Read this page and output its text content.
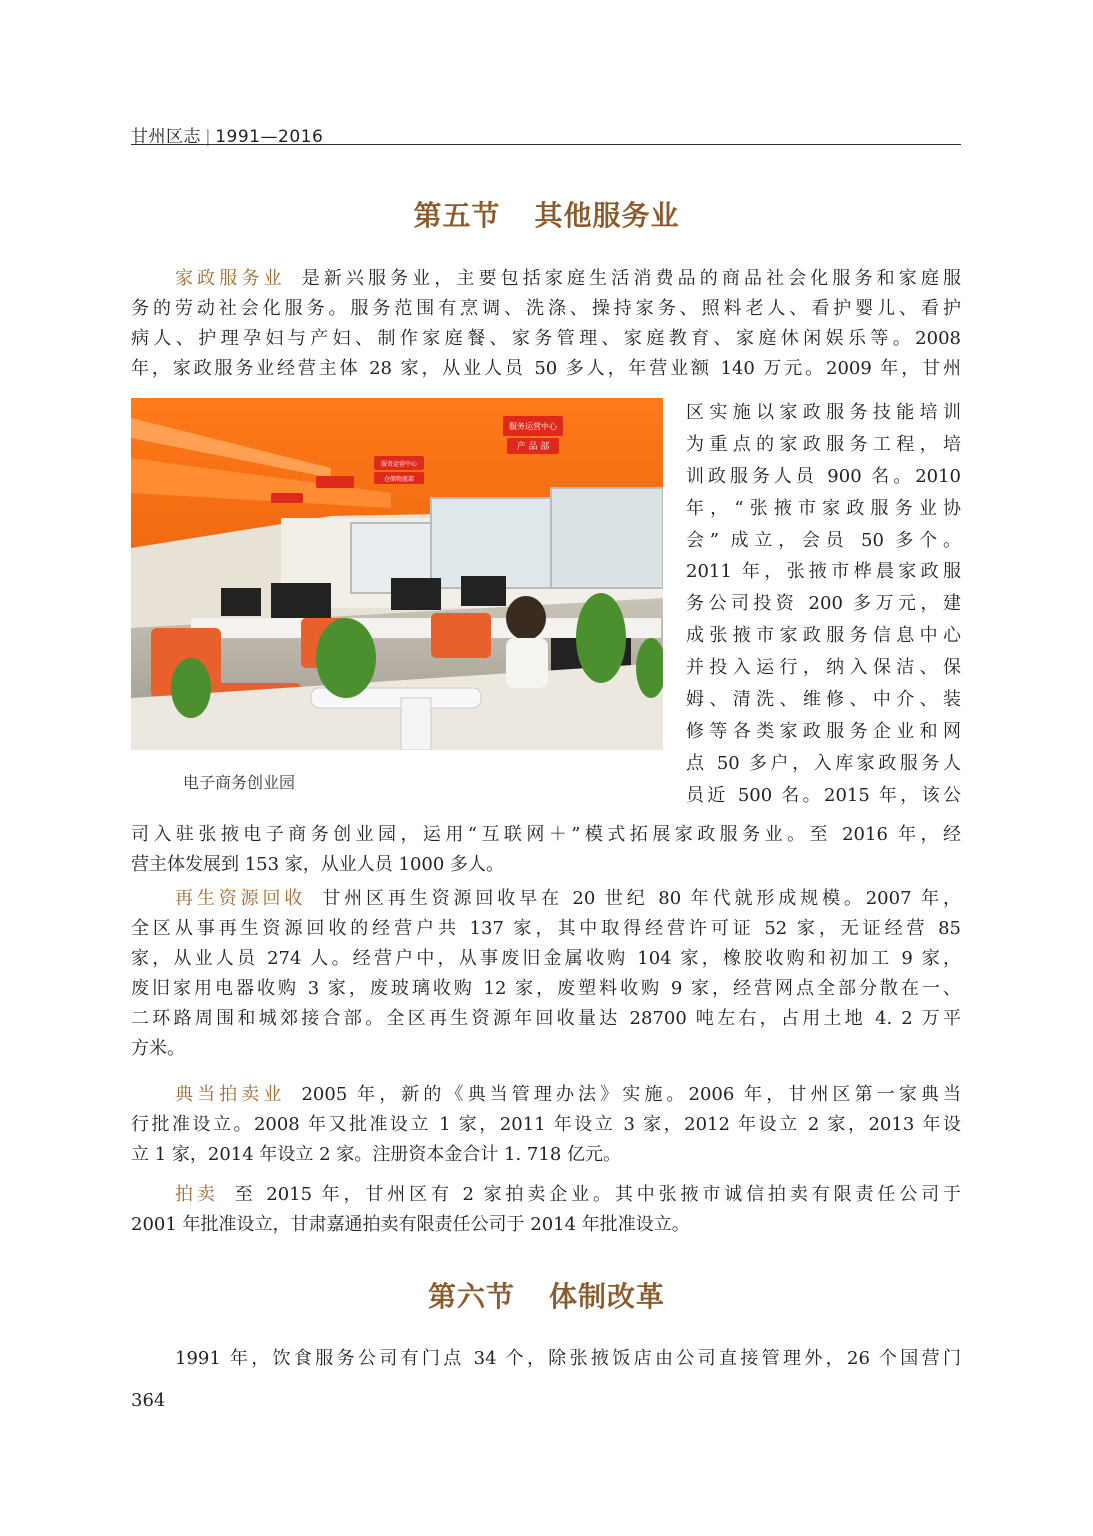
甘州区志 | 1991—2016
第五节 其他服务业
家政服务业 是新兴服务业，主要包括家庭生活消费品的商品社会化服务和家庭服
务的劳动社会化服务。服务范围有烹调、洗涤、操持家务、照料老人、看护婴儿、看护
病人、护理孕妇与产妇、制作家庭餐、家务管理、家庭教育、家庭休闲娱乐等。2008
年，家政服务业经营主体 28 家，从业人员 50 多人，年营业额 140 万元。2009 年，甘州
服务运营中心
产 品 部
服务运营中心
仓储物流部
电子商务创业园
区实施以家政服务技能培训
为重点的家政服务工程，培
训政服务人员 900 名。2010
年，“张掖市家政服务业协
会” 成立，会员 50 多个。
2011 年，张掖市桦晨家政服
务公司投资 200 多万元，建
成张掖市家政服务信息中心
并投入运行，纳入保洁、保
姆、清洗、维修、中介、装
修等各类家政服务企业和网
点 50 多户，入库家政服务人
员近 500 名。2015 年，该公
司入驻张掖电子商务创业园，运用“互联网＋”模式拓展家政服务业。至 2016 年，经
营主体发展到 153 家，从业人员 1000 多人。
再生资源回收 甘州区再生资源回收早在 20 世纪 80 年代就形成规模。2007 年，
全区从事再生资源回收的经营户共 137 家，其中取得经营许可证 52 家，无证经营 85
家，从业人员 274 人。经营户中，从事废旧金属收购 104 家，橡胶收购和初加工 9 家，
废旧家用电器收购 3 家，废玻璃收购 12 家，废塑料收购 9 家，经营网点全部分散在一、
二环路周围和城郊接合部。全区再生资源年回收量达 28700 吨左右，占用土地 4. 2 万平
方米。
典当拍卖业 2005 年，新的《典当管理办法》实施。2006 年，甘州区第一家典当
行批准设立。2008 年又批准设立 1 家，2011 年设立 3 家，2012 年设立 2 家，2013 年设
立 1 家，2014 年设立 2 家。注册资本金合计 1. 718 亿元。
拍卖 至 2015 年，甘州区有 2 家拍卖企业。其中张掖市诚信拍卖有限责任公司于
2001 年批准设立，甘肃嘉通拍卖有限责任公司于 2014 年批准设立。
第六节 体制改革
1991 年，饮食服务公司有门点 34 个，除张掖饭店由公司直接管理外，26 个国营门
364
